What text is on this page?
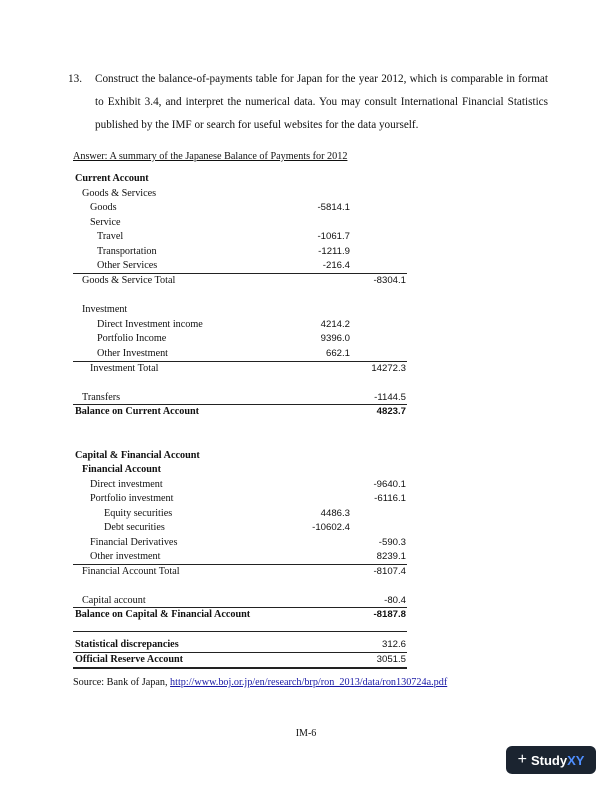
13. Construct the balance-of-payments table for Japan for the year 2012, which is comparable in format to Exhibit 3.4, and interpret the numerical data. You may consult International Financial Statistics published by the IMF or search for useful websites for the data yourself.
Answer: A summary of the Japanese Balance of Payments for 2012
Current Account
Goods & Services
Goods	-5814.1
Service
Travel	-1061.7
Transportation	-1211.9
Other Services	-216.4
Goods & Service Total	-8304.1
Investment
Direct Investment income	4214.2
Portfolio Income	9396.0
Other Investment	662.1
Investment Total	14272.3
Transfers	-1144.5
Balance on Current Account	4823.7
Capital & Financial Account
Financial Account
Direct investment	-9640.1
Portfolio investment	-6116.1
Equity securities	4486.3
Debt securities	-10602.4
Financial Derivatives	-590.3
Other investment	8239.1
Financial Account Total	-8107.4
Capital account	-80.4
Balance on Capital & Financial Account	-8187.8
Statistical discrepancies	312.6
Official Reserve Account	3051.5
Source: Bank of Japan, http://www.boj.or.jp/en/research/brp/ron_2013/data/ron130724a.pdf
IM-6
+ StudyXY
